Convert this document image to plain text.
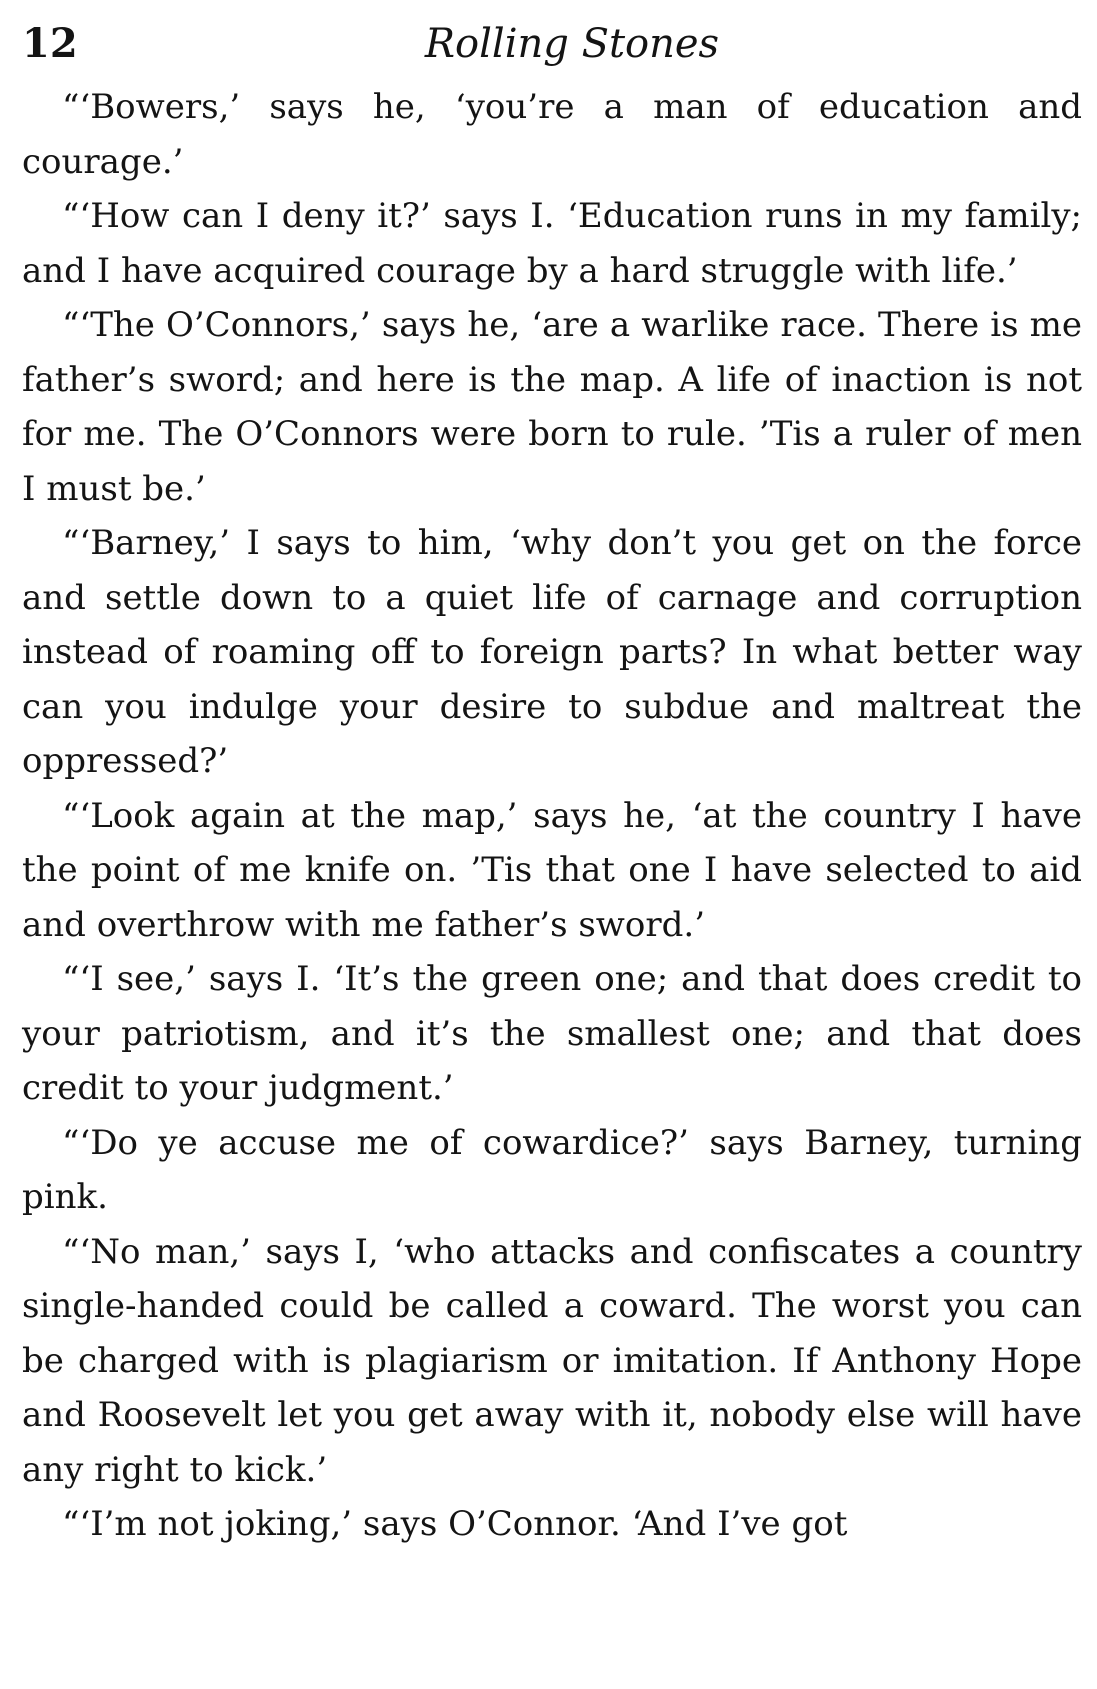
12	Rolling Stones

“‘Bowers,’ says he, ‘you’re a man of education and courage.’

“‘How can I deny it?’ says I. ‘Education runs in my family; and I have acquired courage by a hard struggle with life.’

“‘The O’Connors,’ says he, ‘are a warlike race. There is me father’s sword; and here is the map. A life of inaction is not for me. The O’Connors were born to rule. ’Tis a ruler of men I must be.’

“‘Barney,’ I says to him, ‘why don’t you get on the force and settle down to a quiet life of carnage and corruption instead of roaming off to foreign parts? In what better way can you indulge your desire to subdue and maltreat the oppressed?’

“‘Look again at the map,’ says he, ‘at the country I have the point of me knife on. ’Tis that one I have selected to aid and overthrow with me father’s sword.’

“‘I see,’ says I. ‘It’s the green one; and that does credit to your patriotism, and it’s the smallest one; and that does credit to your judgment.’

“‘Do ye accuse me of cowardice?’ says Barney, turning pink.

“‘No man,’ says I, ‘who attacks and confiscates a country single-handed could be called a coward. The worst you can be charged with is plagiarism or imitation. If Anthony Hope and Roosevelt let you get away with it, nobody else will have any right to kick.’

“‘I’m not joking,’ says O’Connor. ‘And I’ve got
